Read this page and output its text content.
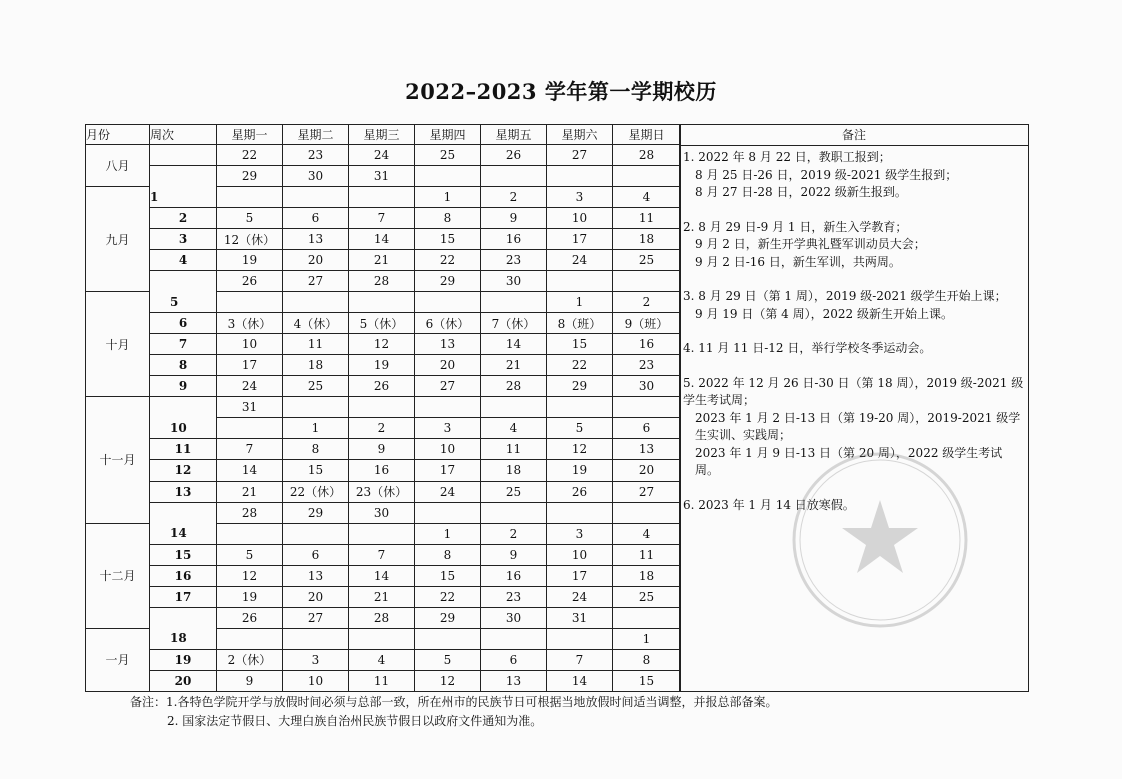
2022–2023 学年第一学期校历
月份	周次	星期一	星期二	星期三	星期四	星期五	星期六	星期日
八月		22	23	24	25	26	27	28
		29	30	31				
九月	1				1	2	3	4
	2	5	6	7	8	9	10	11
	3	12（休）	13	14	15	16	17	18
	4	19	20	21	22	23	24	25
		26	27	28	29	30		
十月	5						1	2
	6	3（休）	4（休）	5（休）	6（休）	7（休）	8（班）	9（班）
	7	10	11	12	13	14	15	16
	8	17	18	19	20	21	22	23
	9	24	25	26	27	28	29	30
十一月		31						
	10		1	2	3	4	5	6
	11	7	8	9	10	11	12	13
	12	14	15	16	17	18	19	20
	13	21	22（休）	23（休）	24	25	26	27
		28	29	30				
十二月	14				1	2	3	4
	15	5	6	7	8	9	10	11
	16	12	13	14	15	16	17	18
	17	19	20	21	22	23	24	25
		26	27	28	29	30	31	
一月	18							1
	19	2（休）	3	4	5	6	7	8
	20	9	10	11	12	13	14	15
备注
1. 2022 年 8 月 22 日，教职工报到；
8 月 25 日-26 日，2019 级-2021 级学生报到；
8 月 27 日-28 日，2022 级新生报到。
2. 8 月 29 日-9 月 1 日，新生入学教育；
9 月 2 日，新生开学典礼暨军训动员大会；
9 月 2 日-16 日，新生军训，共两周。
3. 8 月 29 日（第 1 周），2019 级-2021 级学生开始上课；
9 月 19 日（第 4 周），2022 级新生开始上课。
4. 11 月 11 日-12 日，举行学校冬季运动会。
5. 2022 年 12 月 26 日-30 日（第 18 周），2019 级-2021 级学生考试周；
2023 年 1 月 2 日-13 日（第 19-20 周），2019-2021 级学生实训、实践周；
2023 年 1 月 9 日-13 日（第 20 周），2022 级学生考试周。
6. 2023 年 1 月 14 日放寒假。
备注：1.各特色学院开学与放假时间必须与总部一致，所在州市的民族节日可根据当地放假时间适当调整，并报总部备案。
2. 国家法定节假日、大理白族自治州民族节假日以政府文件通知为准。
